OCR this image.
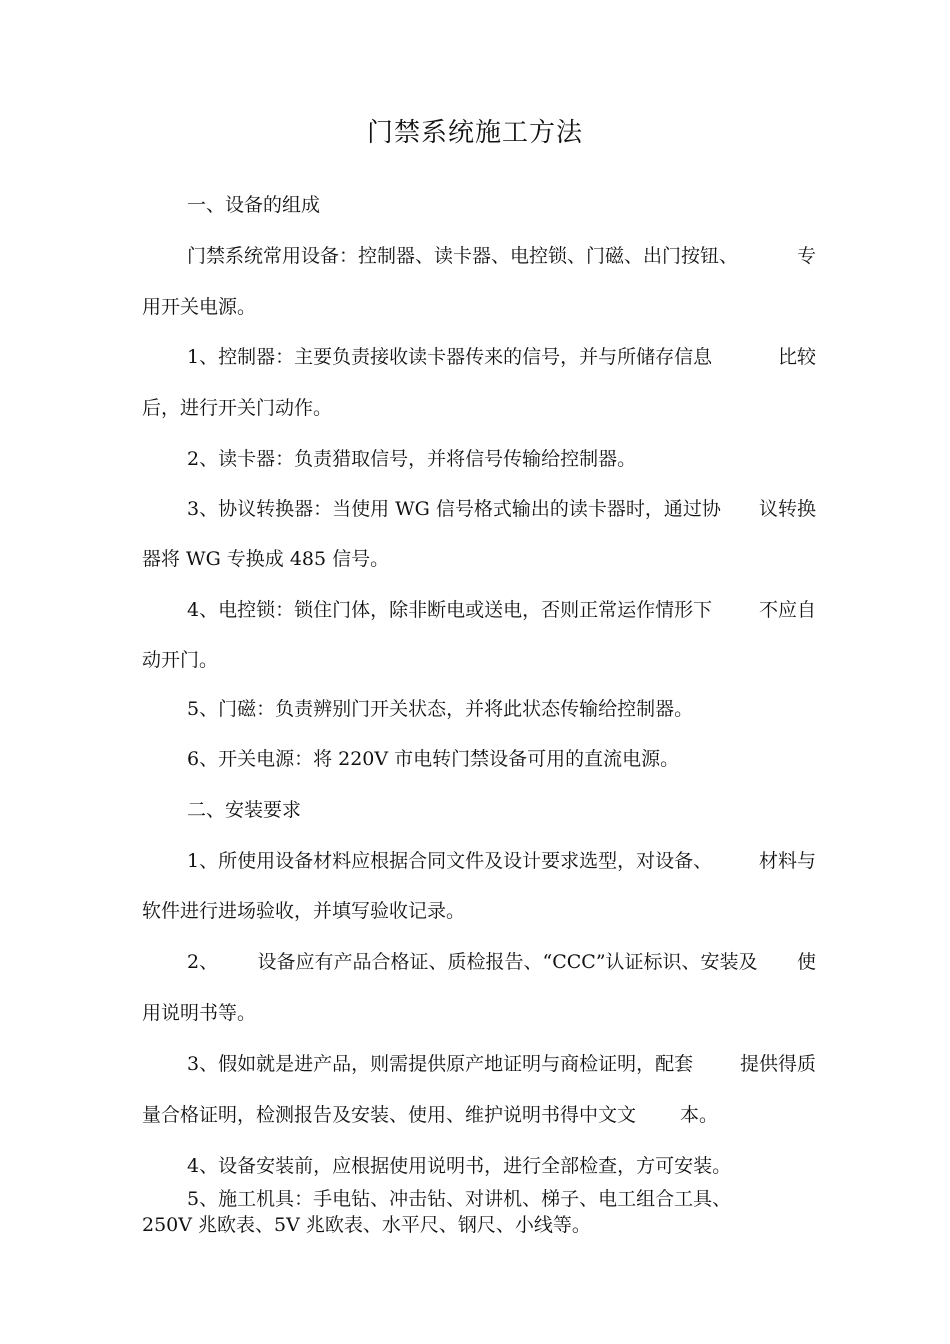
门禁系统施工方法
一、设备的组成
门禁系统常用设备：控制器、读卡器、电控锁、门磁、出门按钮、	专
用开关电源。
1、控制器：主要负责接收读卡器传来的信号，并与所储存信息	比较
后，进行开关门动作。
2、读卡器：负责猎取信号，并将信号传输给控制器。
3、协议转换器：当使用 WG 信号格式输出的读卡器时，通过协 议转换
器将 WG 专换成 485 信号。
4、电控锁：锁住门体，除非断电或送电，否则正常运作情形下 不应自
动开门。
5、门磁：负责辨别门开关状态，并将此状态传输给控制器。
6、开关电源：将 220V 市电转门禁设备可用的直流电源。
二、安装要求
1、所使用设备材料应根据合同文件及设计要求选型，对设备、 材料与
软件进行进场验收，并填写验收记录。
2、 设备应有产品合格证、质检报告、“CCC”认证标识、安装及 使
用说明书等。
3、假如就是进产品，则需提供原产地证明与商检证明，配套 提供得质
量合格证明，检测报告及安装、使用、维护说明书得中文文 本。
4、设备安装前，应根据使用说明书，进行全部检查，方可安装。
5、施工机具：手电钻、冲击钻、对讲机、梯子、电工组合工具、
250V 兆欧表、5V 兆欧表、水平尺、钢尺、小线等。
